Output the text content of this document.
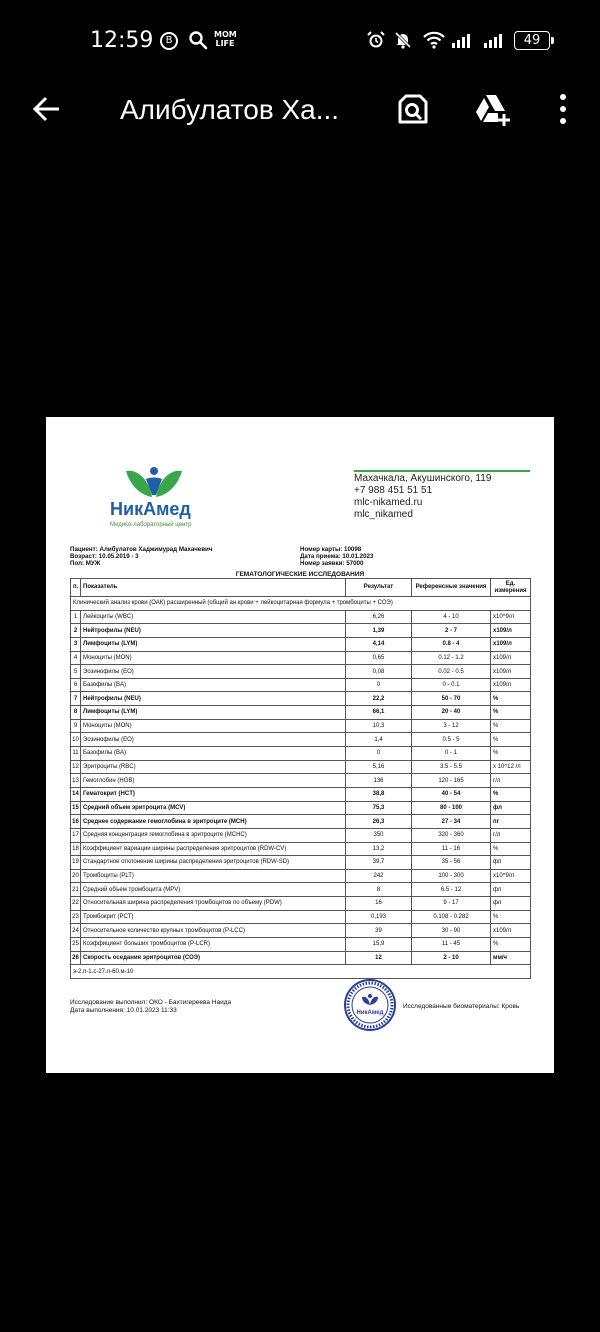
12:59	B
MOM LIFE	49
Алибулатов Ха...
НикАмед
Медико-лабораторный центр
Махачкала, Акушинского, 119
+7 988 451 51 51
mlc-nikamed.ru
mlc_nikamed
Пациент: Алибулатов Хаджимурад Махачевич
Возраст: 10.05.2019 - 3
Пол: МУЖ
Номер карты: 10098
Дата приема: 10.01.2023
Номер заявки: 57000
ГЕМАТОЛОГИЧЕСКИЕ ИССЛЕДОВАНИЯ
п.	Показатель	Результат	Референсные значения	Ед. измерения
Клинический анализ крови (ОАК) расширенный (общий ан.крови + лейкоцитарная формула + тромбоциты + СОЭ)				
1	Лейкоциты (WBC)	6,26	4 - 10	x10^9/л
2	Нейтрофилы (NEU)	1,39	2 - 7	x109/л
3	Лимфоциты (LYM)	4,14	0.8 - 4	x109/л
4	Моноциты (MON)	0,65	0.12 - 1.2	x109/л
5	Эозинофилы (EO)	0,08	0.02 - 0.5	x109/л
6	Базофилы (BA)	0	0 - 0.1	x109/л
7	Нейтрофилы (NEU)	22,2	50 - 70	%
8	Лимфоциты (LYM)	66,1	20 - 40	%
9	Моноциты (MON)	10,3	3 - 12	%
10	Эозинофилы (EO)	1,4	0.5 - 5	%
11	Базофилы (BA)	0	0 - 1	%
12	Эритроциты (RBC)	5,16	3.5 - 5.5	x 10^12 /л
13	Гемоглобин (HGB)	136	120 - 165	г/л
14	Гематокрит (HCT)	38,8	40 - 54	%
15	Средний объем эритроцита (MCV)	75,3	80 - 100	фл
16	Среднее содержание гемоглобина в эритроците (MCH)	26,3	27 - 34	пг
17	Средняя концентрация гемоглобина в эритроците (MCHC)	350	320 - 360	г/л
18	Коэффициент вариации ширины распределения эритроцитов (RDW-CV)	13,2	11 - 16	%
19	Стандартное отклонение ширины распределения эритроцитов (RDW-SD)	39,7	35 - 56	фл
20	Тромбоциты (PLT)	242	100 - 300	x10^9/л
21	Средний объем тромбоцита (MPV)	8	6.5 - 12	фл
22	Относительная ширина распределения тромбоцитов по объему (PDW)	16	9 - 17	фл
23	Тромбокрит (PCT)	0,193	0.108 - 0.282	%
24	Относительное количество крупных тромбоцитов (P-LCC)	39	30 - 90	x109/л
25	Коэффициент больших тромбоцитов (P-LCR)	15,9	11 - 45	%
26	Скорость оседания эритроцитов (СОЭ)	12	2 - 10	мм/ч
э-2.п-1.с-27.л-60.м-10				
Исследование выполнил: ОКО - Бахтигереева Наида
Дата выполнения: 10.01.2023 11:33	НикАмед
Исследованные биоматериалы: Кровь
